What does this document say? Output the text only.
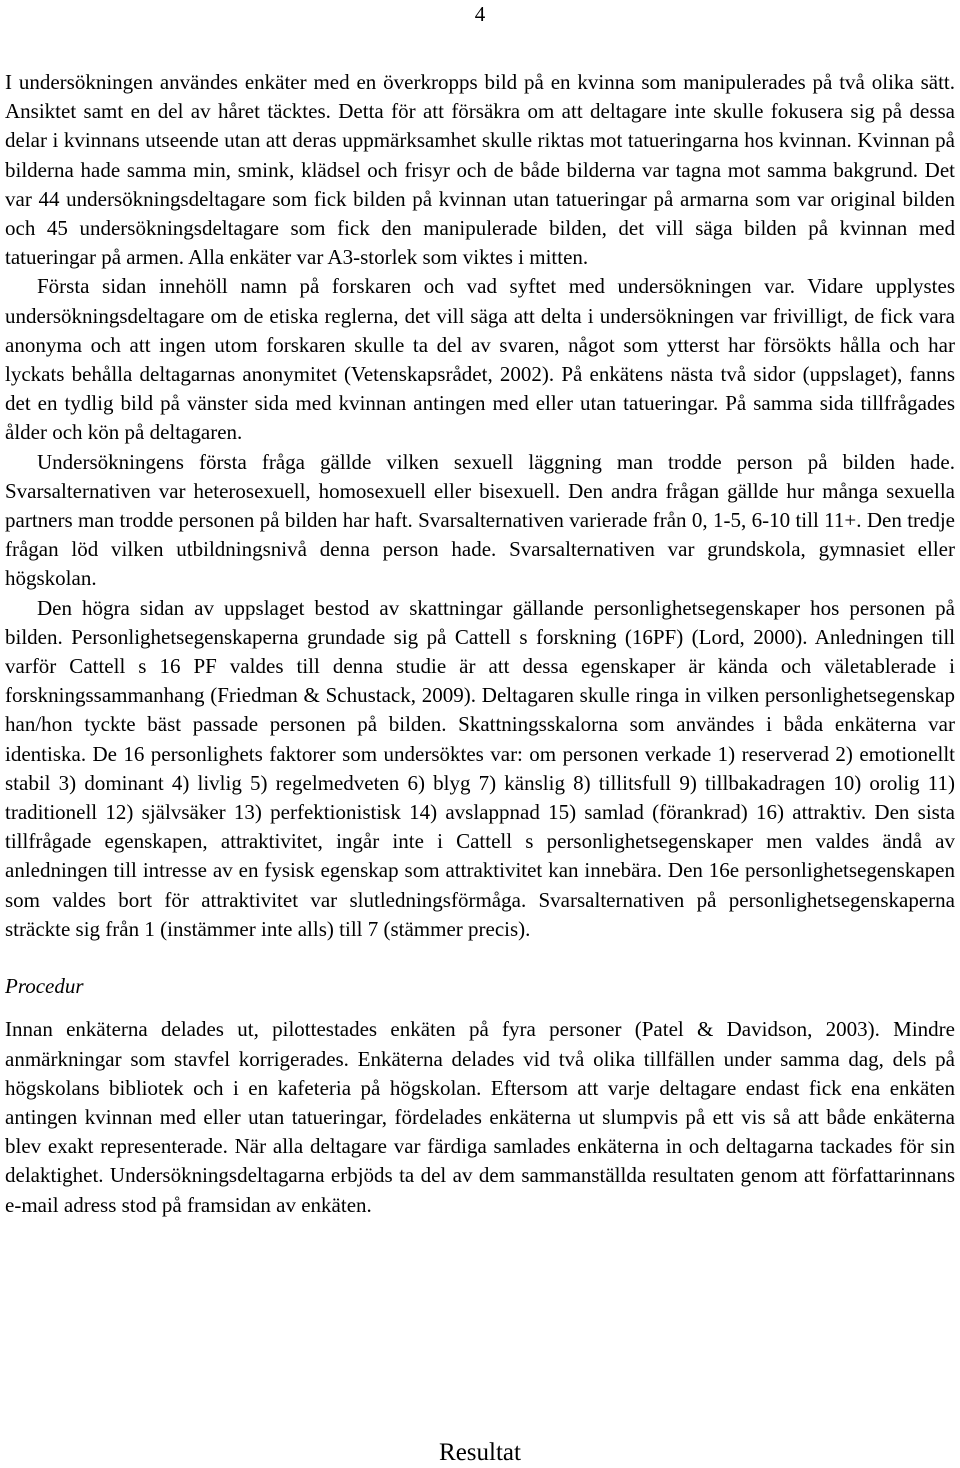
4

I undersökningen användes enkäter med en överkropps bild på en kvinna som manipulerades på två olika sätt. Ansiktet samt en del av håret täcktes. Detta för att försäkra om att deltagare inte skulle fokusera sig på dessa delar i kvinnans utseende utan att deras uppmärksamhet skulle riktas mot tatueringarna hos kvinnan. Kvinnan på bilderna hade samma min, smink, klädsel och frisyr och de både bilderna var tagna mot samma bakgrund. Det var 44 undersökningsdeltagare som fick bilden på kvinnan utan tatueringar på armarna som var original bilden och 45 undersökningsdeltagare som fick den manipulerade bilden, det vill säga bilden på kvinnan med tatueringar på armen. Alla enkäter var A3-storlek som viktes i mitten.

Första sidan innehöll namn på forskaren och vad syftet med undersökningen var. Vidare upplystes undersökningsdeltagare om de etiska reglerna, det vill säga att delta i undersökningen var frivilligt, de fick vara anonyma och att ingen utom forskaren skulle ta del av svaren, något som ytterst har försökts hålla och har lyckats behålla deltagarnas anonymitet (Vetenskapsrådet, 2002). På enkätens nästa två sidor (uppslaget), fanns det en tydlig bild på vänster sida med kvinnan antingen med eller utan tatueringar. På samma sida tillfrågades ålder och kön på deltagaren.

Undersökningens första fråga gällde vilken sexuell läggning man trodde person på bilden hade. Svarsalternativen var heterosexuell, homosexuell eller bisexuell. Den andra frågan gällde hur många sexuella partners man trodde personen på bilden har haft. Svarsalternativen varierade från 0, 1-5, 6-10 till 11+. Den tredje frågan löd vilken utbildningsnivå denna person hade. Svarsalternativen var grundskola, gymnasiet eller högskolan.

Den högra sidan av uppslaget bestod av skattningar gällande personlighetsegenskaper hos personen på bilden. Personlighetsegenskaperna grundade sig på Cattell s forskning (16PF) (Lord, 2000). Anledningen till varför Cattell s 16 PF valdes till denna studie är att dessa egenskaper är kända och väletablerade i forskningssammanhang (Friedman & Schustack, 2009). Deltagaren skulle ringa in vilken personlighetsegenskap han/hon tyckte bäst passade personen på bilden. Skattningsskalorna som användes i båda enkäterna var identiska. De 16 personlighets faktorer som undersöktes var: om personen verkade 1) reserverad 2) emotionellt stabil 3) dominant 4) livlig 5) regelmedveten 6) blyg 7) känslig 8) tillitsfull 9) tillbakadragen 10) orolig 11) traditionell 12) självsäker 13) perfektionistisk 14) avslappnad 15) samlad (förankrad) 16) attraktiv. Den sista tillfrågade egenskapen, attraktivitet, ingår inte i Cattell s personlighetsegenskaper men valdes ändå av anledningen till intresse av en fysisk egenskap som attraktivitet kan innebära. Den 16e personlighetsegenskapen som valdes bort för attraktivitet var slutledningsförmåga. Svarsalternativen på personlighetsegenskaperna sträckte sig från 1 (instämmer inte alls) till 7 (stämmer precis).

Procedur

Innan enkäterna delades ut, pilottestades enkäten på fyra personer (Patel & Davidson, 2003). Mindre anmärkningar som stavfel korrigerades. Enkäterna delades vid två olika tillfällen under samma dag, dels på högskolans bibliotek och i en kafeteria på högskolan. Eftersom att varje deltagare endast fick ena enkäten antingen kvinnan med eller utan tatueringar, fördelades enkäterna ut slumpvis på ett vis så att både enkäterna blev exakt representerade. När alla deltagare var färdiga samlades enkäterna in och deltagarna tackades för sin delaktighet. Undersökningsdeltagarna erbjöds ta del av dem sammanställda resultaten genom att författarinnans e-mail adress stod på framsidan av enkäten.

Resultat
